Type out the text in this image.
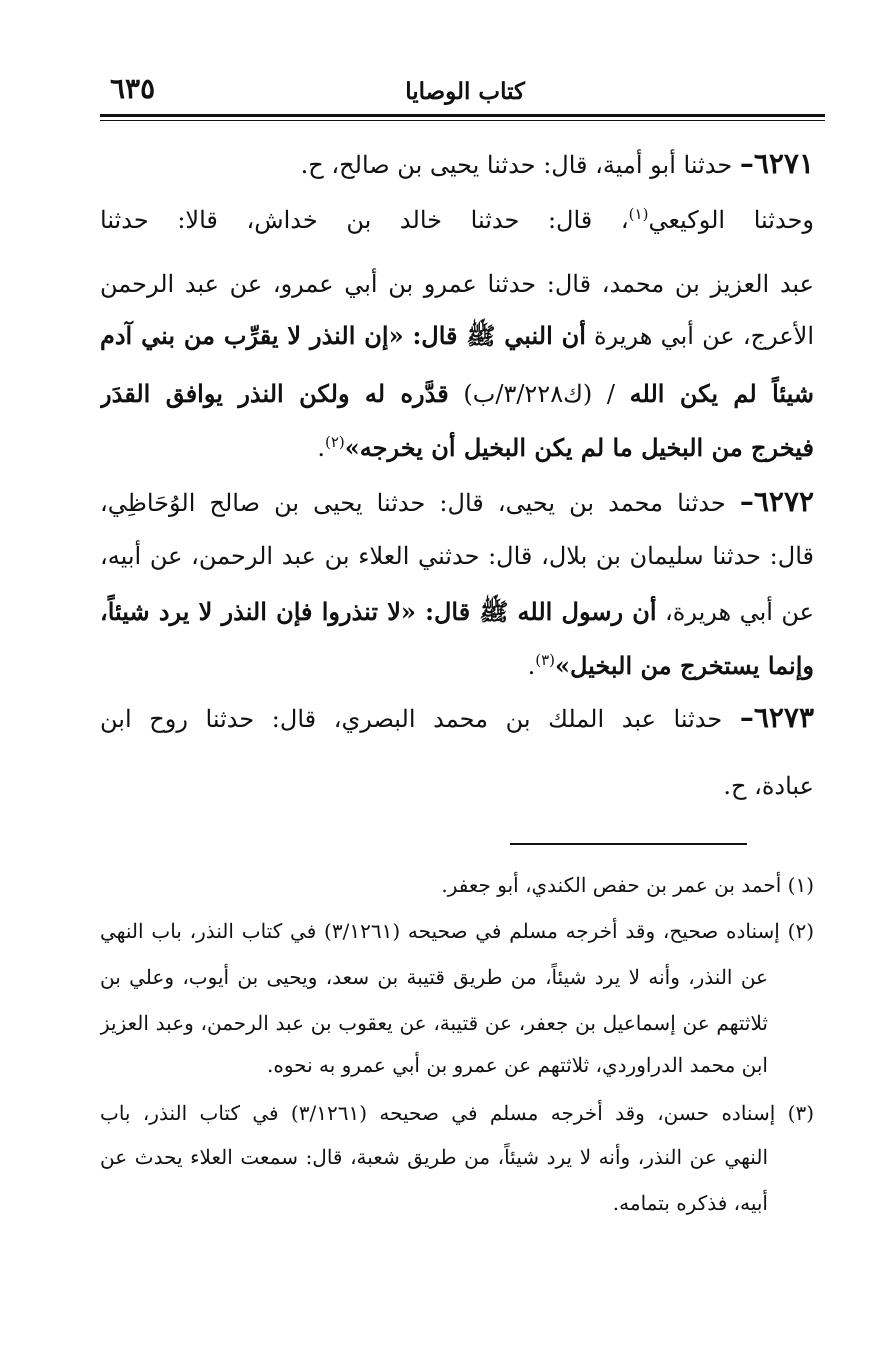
كتاب الوصايا
٦٣٥
٦٢٧١– حدثنا أبو أمية، قال: حدثنا يحيى بن صالح، ح.
وحدثنا الوكيعي$^{(١)}$، قال: حدثنا خالد بن خداش، قالا: حدثنا
عبد العزيز بن محمد، قال: حدثنا عمرو بن أبي عمرو، عن عبد الرحمن
الأعرج، عن أبي هريرة أن النبي ﷺ قال: «إن النذر لا يقرِّب من بني آدم
شيئاً لم يكن الله / (ك٣/٢٢٨/ب) قدَّره له ولكن النذر يوافق القدَر
فيخرج من البخيل ما لم يكن البخيل أن يخرجه»$^{(٢)}$.
٦٢٧٢– حدثنا محمد بن يحيى، قال: حدثنا يحيى بن صالح الوُحَاظِي،
قال: حدثنا سليمان بن بلال، قال: حدثني العلاء بن عبد الرحمن، عن أبيه،
عن أبي هريرة، أن رسول الله ﷺ قال: «لا تنذروا فإن النذر لا يرد شيئاً،
وإنما يستخرج من البخيل»$^{(٣)}$.
٦٢٧٣– حدثنا عبد الملك بن محمد البصري، قال: حدثنا روح ابن
عبادة، ح.
(١) أحمد بن عمر بن حفص الكندي، أبو جعفر.
(٢) إسناده صحيح، وقد أخرجه مسلم في صحيحه (٣/١٢٦١) في كتاب النذر، باب النهي
عن النذر، وأنه لا يرد شيئاً، من طريق قتيبة بن سعد، ويحيى بن أيوب، وعلي بن
ثلاثتهم عن إسماعيل بن جعفر، عن قتيبة، عن يعقوب بن عبد الرحمن، وعبد العزيز
ابن محمد الدراوردي، ثلاثتهم عن عمرو بن أبي عمرو به نحوه.
(٣) إسناده حسن، وقد أخرجه مسلم في صحيحه (٣/١٢٦١) في كتاب النذر، باب
النهي عن النذر، وأنه لا يرد شيئاً، من طريق شعبة، قال: سمعت العلاء يحدث عن
أبيه، فذكره بتمامه.
